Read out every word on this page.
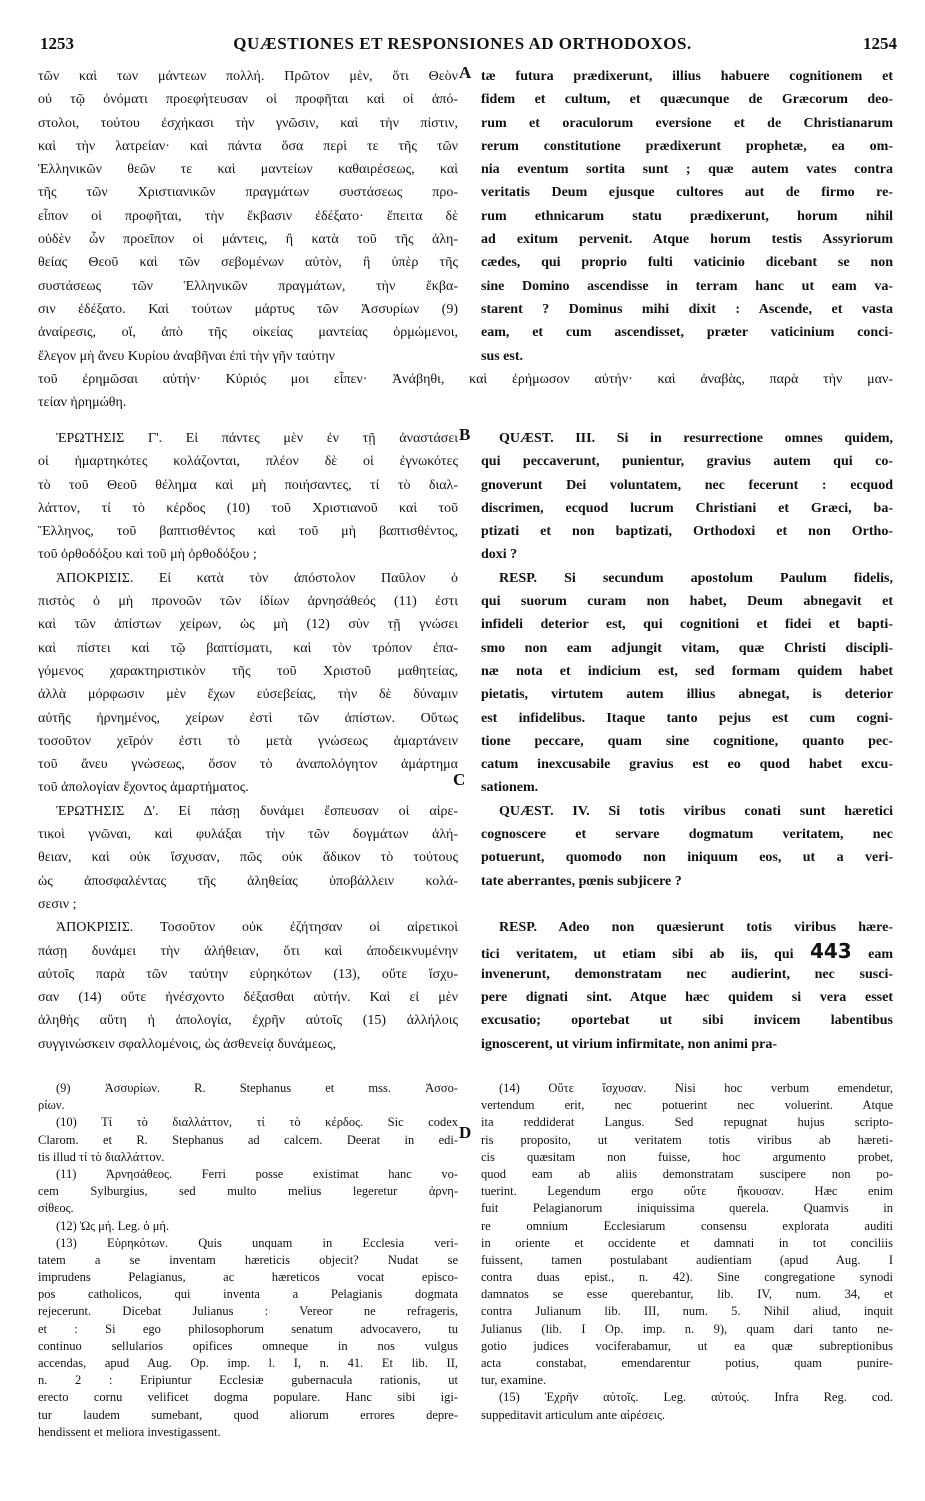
1253	QUÆSTIONES ET RESPONSIONES AD ORTHODOXOS.	1254
τῶν καὶ των μάντεων πολλή. Πρῶτον μὲν, ὅτι Θεὸν
οὐ τῷ ὀνόματι προεφήτευσαν οἱ προφῆται καὶ οἱ ἀπό-
στολοι, τούτου ἐσχήκασι τὴν γνῶσιν, καὶ τὴν πίστιν,
καὶ τὴν λατρείαν· καὶ πάντα ὅσα περὶ τε τῆς τῶν
Ἑλληνικῶν θεῶν τε καὶ μαντείων καθαιρέσεως, καὶ
τῆς τῶν Χριστιανικῶν πραγμάτων συστάσεως προ-
εἶπον οἱ προφῆται, τὴν ἔκβασιν ἐδέξατο· ἔπειτα δὲ
οὐδὲν ὧν προεῖπον οἱ μάντεις, ἢ κατὰ τοῦ τῆς ἀλη-
θείας Θεοῦ καὶ τῶν σεβομένων αὐτὸν, ἢ ὑπὲρ τῆς
συστάσεως τῶν Ἑλληνικῶν πραγμάτων, τὴν ἔκβα-
σιν ἐδέξατο. Καὶ τούτων μάρτυς τῶν Ἀσσυρίων (9)
ἀναίρεσις, οἵ, ἀπὸ τῆς οἰκείας μαντείας ὁρμώμενοι,
ἔλεγον μὴ ἄνευ Κυρίου ἀναβῆναι ἐπὶ τὴν γῆν ταύτην
tæ futura prædixerunt, illius habuere cognitionem et
fidem et cultum, et quæcunque de Græcorum deo-
rum et oraculorum eversione et de Christianarum
rerum constitutione prædixerunt prophetæ, ea om-
nia eventum sortita sunt ; quæ autem vates contra
veritatis Deum ejusque cultores aut de firmo re-
rum ethnicarum statu prædixerunt, horum nihil
ad exitum pervenit. Atque horum testis Assyriorum
cædes, qui proprio fulti vaticinio dicebant se non
sine Domino ascendisse in terram hanc ut eam va-
starent ? Dominus mihi dixit : Ascende, et vasta
eam, et cum ascendisset, præter vaticinium conci-
sus est.
A
τοῦ ἐρημῶσαι αὐτήν· Κύριός μοι εἶπεν· Ἀνάβηθι, καὶ ἐρήμωσον αὐτήν· καὶ ἀναβὰς, παρὰ τὴν μαν-
τείαν ἠρημώθη.
ἘΡΩΤΗΣΙΣ Γ'. Εἰ πάντες μὲν ἐν τῇ ἀναστάσει
οἱ ἡμαρτηκότες κολάζονται, πλέον δὲ οἱ ἐγνωκότες
τὸ τοῦ Θεοῦ θέλημα καὶ μὴ ποιήσαντες, τί τὸ διαλ-
λάττον, τί τὸ κέρδος (10) τοῦ Χριστιανοῦ καὶ τοῦ
Ἕλληνος, τοῦ βαπτισθέντος καὶ τοῦ μὴ βαπτισθέντος,
τοῦ ὀρθοδόξου καὶ τοῦ μὴ ὀρθοδόξου ;
ἈΠΟΚΡΙΣΙΣ. Εἰ κατὰ τὸν ἀπόστολον Παῦλον ὁ
πιστὸς ὁ μὴ προνοῶν τῶν ἰδίων ἀρνησάθεός (11) ἐστι
καὶ τῶν ἀπίστων χείρων, ὡς μὴ (12) σὺν τῇ γνώσει
καὶ πίστει καὶ τῷ βαπτίσματι, καὶ τὸν τρόπον ἐπα-
γόμενος χαρακτηριστικὸν τῆς τοῦ Χριστοῦ μαθητείας,
ἀλλὰ μόρφωσιν μὲν ἔχων εὐσεβείας, τὴν δὲ δύναμιν
αὐτῆς ἠρνημένος, χείρων ἐστὶ τῶν ἀπίστων. Οὕτως
τοσοῦτον χεῖρόν ἐστι τὸ μετὰ γνώσεως ἁμαρτάνειν
τοῦ ἄνευ γνώσεως, ὅσον τὸ ἀναπολόγητον ἁμάρτημα
τοῦ ἀπολογίαν ἔχοντος ἁμαρτήματος.
ἘΡΩΤΗΣΙΣ Δ'. Εἰ πάσῃ δυνάμει ἔσπευσαν οἱ αἱρε-
τικοὶ γνῶναι, καὶ φυλάξαι τὴν τῶν δογμάτων ἀλή-
θειαν, καὶ οὐκ ἴσχυσαν, πῶς οὐκ ἄδικον τὸ τούτους
ὡς ἀποσφαλέντας τῆς ἀληθείας ὑποβάλλειν κολά-
σεσιν ;
ἈΠΟΚΡΙΣΙΣ. Τοσοῦτον οὐκ ἐζήτησαν οἱ αἱρετικοὶ
πάσῃ δυνάμει τὴν ἀλήθειαν, ὅτι καὶ ἀποδεικνυμένην
αὐτοῖς παρὰ τῶν ταύτην εὑρηκότων (13), οὔτε ἴσχυ-
σαν (14) οὔτε ἠνέσχοντο δέξασθαι αὐτήν. Καὶ εἰ μὲν
ἀληθὴς αὕτη ἡ ἀπολογία, ἐχρῆν αὐτοῖς (15) ἀλλήλοις
συγγινώσκειν σφαλλομένοις, ὡς ἀσθενείᾳ δυνάμεως,
QUÆST. III. Si in resurrectione omnes quidem,
qui peccaverunt, punientur, gravius autem qui co-
gnoverunt Dei voluntatem, nec fecerunt : ecquod
discrimen, ecquod lucrum Christiani et Græci, ba-
ptizati et non baptizati, Orthodoxi et non Ortho-
doxi ?
RESP. Si secundum apostolum Paulum fidelis,
qui suorum curam non habet, Deum abnegavit et
infideli deterior est, qui cognitioni et fidei et bapti-
smo non eam adjungit vitam, quæ Christi discipli-
næ nota et indicium est, sed formam quidem habet
pietatis, virtutem autem illius abnegat, is deterior
est infidelibus. Itaque tanto pejus est cum cogni-
tione peccare, quam sine cognitione, quanto pec-
catum inexcusabile gravius est eo quod habet excu-
sationem.
QUÆST. IV. Si totis viribus conati sunt hæretici
cognoscere et servare dogmatum veritatem, nec
potuerunt, quomodo non iniquum eos, ut a veri-
tate aberrantes, pœnis subjicere ?
RESP. Adeo non quæsierunt totis viribus hære-
tici veritatem, ut etiam sibi ab iis, qui 443 eam
invenerunt, demonstratam nec audierint, nec susci-
pere dignati sint. Atque hæc quidem si vera esset
excusatio; oportebat ut sibi invicem labentibus
ignoscerent, ut virium infirmitate, non animi pra-
B
C
(9) Ἀσσυρίων. R. Stephanus et mss. Ἀσσο-
ρίων.
(10) Τί τὸ διαλλάττον, τί τὸ κέρδος. Sic codex
Clarom. et R. Stephanus ad calcem. Deerat in edi-
tis illud τί τὸ διαλλάττον.
(11) Ἀρνησάθεος. Ferri posse existimat hanc vo-
cem Sylburgius, sed multo melius legeretur ἀρνη-
σίθεος.
(12) Ὡς μή. Leg. ὁ μή.
(13) Εὑρηκότων. Quis unquam in Ecclesia veri-
tatem a se inventam hæreticis objecit? Nudat se
imprudens Pelagianus, ac hæreticos vocat episco-
pos catholicos, qui inventa a Pelagianis dogmata
rejecerunt. Dicebat Julianus : Vereor ne refrageris,
et : Si ego philosophorum senatum advocavero, tu
continuo sellularios opifices omneque in nos vulgus
accendas, apud Aug. Op. imp. l. I, n. 41. Et lib. II,
n. 2 : Eripiuntur Ecclesiæ gubernacula rationis, ut
erecto cornu velificet dogma populare. Hanc sibi igi-
tur laudem sumebant, quod aliorum errores depre-
hendissent et meliora investigassent.
(14) Οὔτε ἴσχυσαν. Nisi hoc verbum emendetur,
vertendum erit, nec potuerint nec voluerint. Atque
ita reddiderat Langus. Sed repugnat hujus scripto-
ris proposito, ut veritatem totis viribus ab hæreti-
cis quæsitam non fuisse, hoc argumento probet,
quod eam ab aliis demonstratam suscipere non po-
tuerint. Legendum ergo οὔτε ἤκουσαν. Hæc enim
fuit Pelagianorum iniquissima querela. Quamvis in
re omnium Ecclesiarum consensu explorata auditi
in oriente et occidente et damnati in tot conciliis
fuissent, tamen postulabant audientiam (apud Aug. I
contra duas epist., n. 42). Sine congregatione synodi
damnatos se esse querebantur, lib. IV, num. 34, et
contra Julianum lib. III, num. 5. Nihil aliud, inquit
Julianus (lib. I Op. imp. n. 9), quam dari tanto ne-
gotio judices vociferabamur, ut ea quæ subreptionibus
acta constabat, emendarentur potius, quam punire-
tur, examine.
(15) Ἐχρῆν αὐτοῖς. Leg. αὐτούς. Infra Reg. cod.
suppeditavit articulum ante αἱρέσεις.
D
